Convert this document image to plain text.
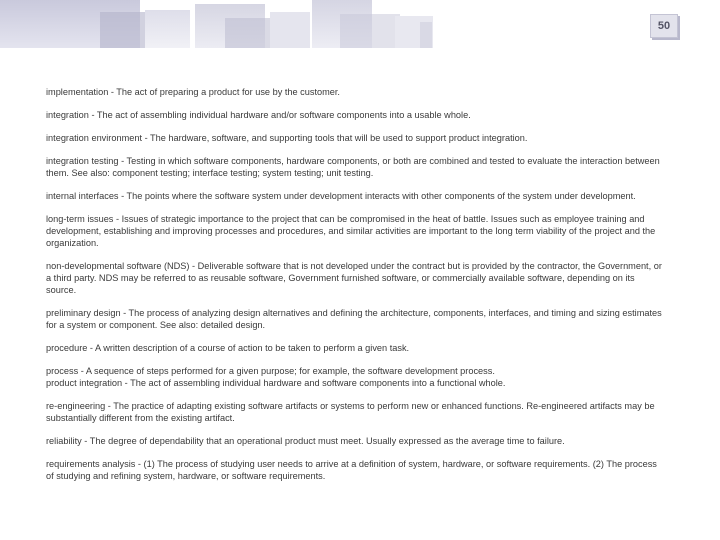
50

implementation - The act of preparing a product for use by the customer.

integration - The act of assembling individual hardware and/or software components into a usable whole.

integration environment - The hardware, software, and supporting tools that will be used to support product integration.

integration testing - Testing in which software components, hardware components, or both are combined and tested to evaluate the interaction between them. See also: component testing; interface testing; system testing; unit testing.

internal interfaces - The points where the software system under development interacts with other components of the system under development.

long-term issues - Issues of strategic importance to the project that can be compromised in the heat of battle. Issues such as employee training and development, establishing and improving processes and procedures, and similar activities are important to the long term viability of the project and the organization.

non-developmental software (NDS) - Deliverable software that is not developed under the contract but is provided by the contractor, the Government, or a third party. NDS may be referred to as reusable software, Government furnished software, or commercially available software, depending on its source.

preliminary design - The process of analyzing design alternatives and defining the architecture, components, interfaces, and timing and sizing estimates for a system or component. See also: detailed design.

procedure - A written description of a course of action to be taken to perform a given task.

process - A sequence of steps performed for a given purpose; for example, the software development process.

product integration - The act of assembling individual hardware and software components into a functional whole.

re-engineering - The practice of adapting existing software artifacts or systems to perform new or enhanced functions. Re-engineered artifacts may be substantially different from the existing artifact.

reliability - The degree of dependability that an operational product must meet. Usually expressed as the average time to failure.

requirements analysis - (1) The process of studying user needs to arrive at a definition of system, hardware, or software requirements. (2) The process of studying and refining system, hardware, or software requirements.
